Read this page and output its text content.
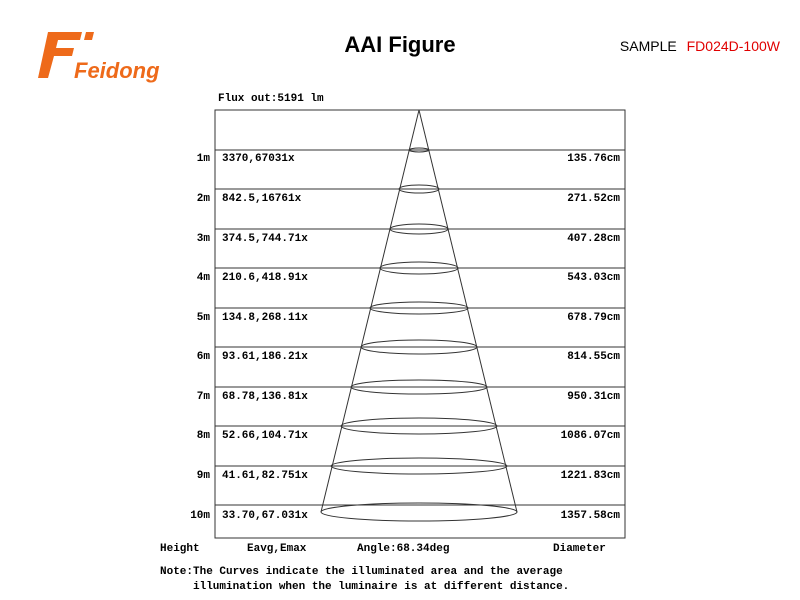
Feidong
AAI Figure	SAMPLE FD024D-100W
Flux out:5191 lm
1m 3370,67031x	135.76cm
2m 842.5,16761x	271.52cm
3m 374.5,744.71x	407.28cm
4m 210.6,418.91x	543.03cm
5m 134.8,268.11x	678.79cm
6m 93.61,186.21x	814.55cm
7m 68.78,136.81x	950.31cm
8m 52.66,104.71x	1086.07cm
9m 41.61,82.751x	1221.83cm
10m 33.70,67.031x	1357.58cm
Height	Eavg,Emax	Angle:68.34deg	Diameter
Note:The Curves indicate the illuminated area and the average
illumination when the luminaire is at different distance.
